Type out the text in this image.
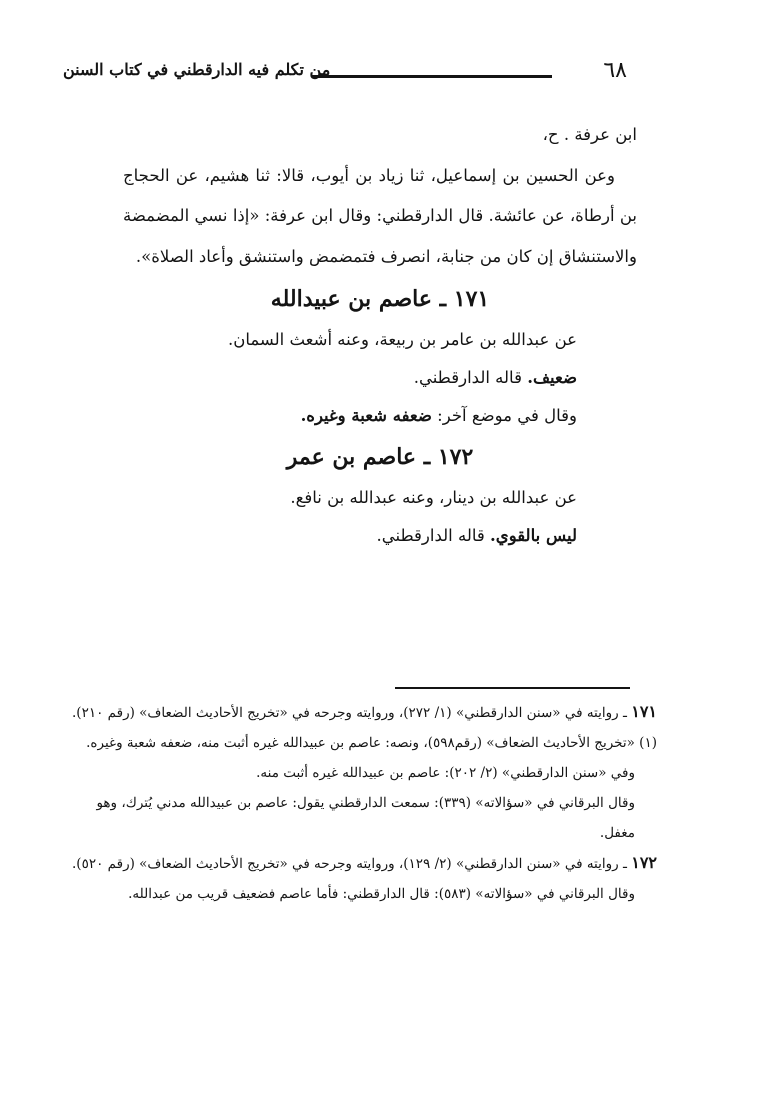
٦٨
من تكلم فيه الدارقطني في كتاب السنن

ابن عرفة . ح،

وعن الحسين بن إسماعيل، ثنا زياد بن أيوب، قالا: ثنا هشيم، عن الحجاج بن أرطاة، عن عائشة. قال الدارقطني: وقال ابن عرفة: «إذا نسي المضمضة والاستنشاق إن كان من جنابة، انصرف فتمضمض واستنشق وأعاد الصلاة».

١٧١ ـ عاصم بن عبيدالله

عن عبدالله بن عامر بن ربيعة، وعنه أشعث السمان.

ضعيف. قاله الدارقطني.

وقال في موضع آخر: ضعفه شعبة وغيره.

١٧٢ ـ عاصم بن عمر

عن عبدالله بن دينار، وعنه عبدالله بن نافع.

ليس بالقوي. قاله الدارقطني.

١٧١ ـ روايته في «سنن الدارقطني» (١/ ٢٧٢)، وروايته وجرحه في «تخريج الأحاديث الضعاف» (رقم ٢١٠).

(١) «تخريج الأحاديث الضعاف» (رقم٥٩٨)، ونصه: عاصم بن عبيدالله غيره أثبت منه، ضعفه شعبة وغيره.

وفي «سنن الدارقطني» (٢/ ٢٠٢): عاصم بن عبيدالله غيره أثبت منه.

وقال البرقاني في «سؤالاته» (٣٣٩): سمعت الدارقطني يقول: عاصم بن عبيدالله مدني يُترك، وهو مغفل.

١٧٢ ـ روايته في «سنن الدارقطني» (٢/ ١٢٩)، وروايته وجرحه في «تخريج الأحاديث الضعاف» (رقم ٥٢٠).

وقال البرقاني في «سؤالاته» (٥٨٣): قال الدارقطني: فأما عاصم فضعيف قريب من عبدالله.
